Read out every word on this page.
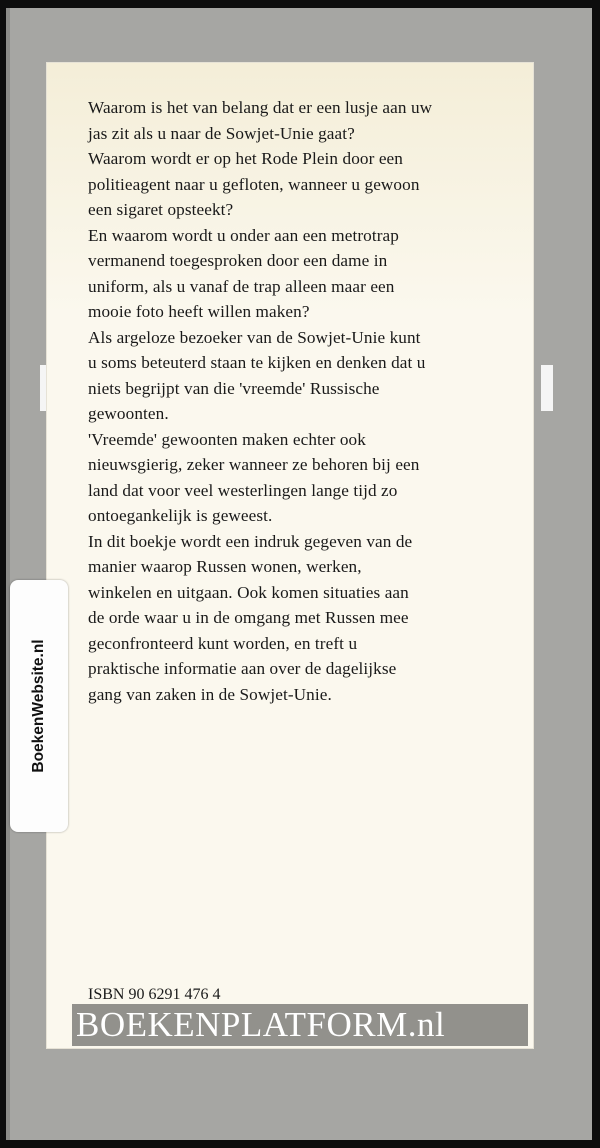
Waarom is het van belang dat er een lusje aan uw

jas zit als u naar de Sowjet-Unie gaat?

Waarom wordt er op het Rode Plein door een

politieagent naar u gefloten, wanneer u gewoon

een sigaret opsteekt?

En waarom wordt u onder aan een metrotrap

vermanend toegesproken door een dame in

uniform, als u vanaf de trap alleen maar een

mooie foto heeft willen maken?

Als argeloze bezoeker van de Sowjet-Unie kunt

u soms beteuterd staan te kijken en denken dat u

niets begrijpt van die 'vreemde' Russische

gewoonten.

'Vreemde' gewoonten maken echter ook

nieuwsgierig, zeker wanneer ze behoren bij een

land dat voor veel westerlingen lange tijd zo

ontoegankelijk is geweest.

In dit boekje wordt een indruk gegeven van de

manier waarop Russen wonen, werken,

winkelen en uitgaan. Ook komen situaties aan

de orde waar u in de omgang met Russen mee

geconfronteerd kunt worden, en treft u

praktische informatie aan over de dagelijkse

gang van zaken in de Sowjet-Unie.

ISBN 90 6291 476 4
BOEKENPLATFORM.nl
BoekenWebsite.nl
